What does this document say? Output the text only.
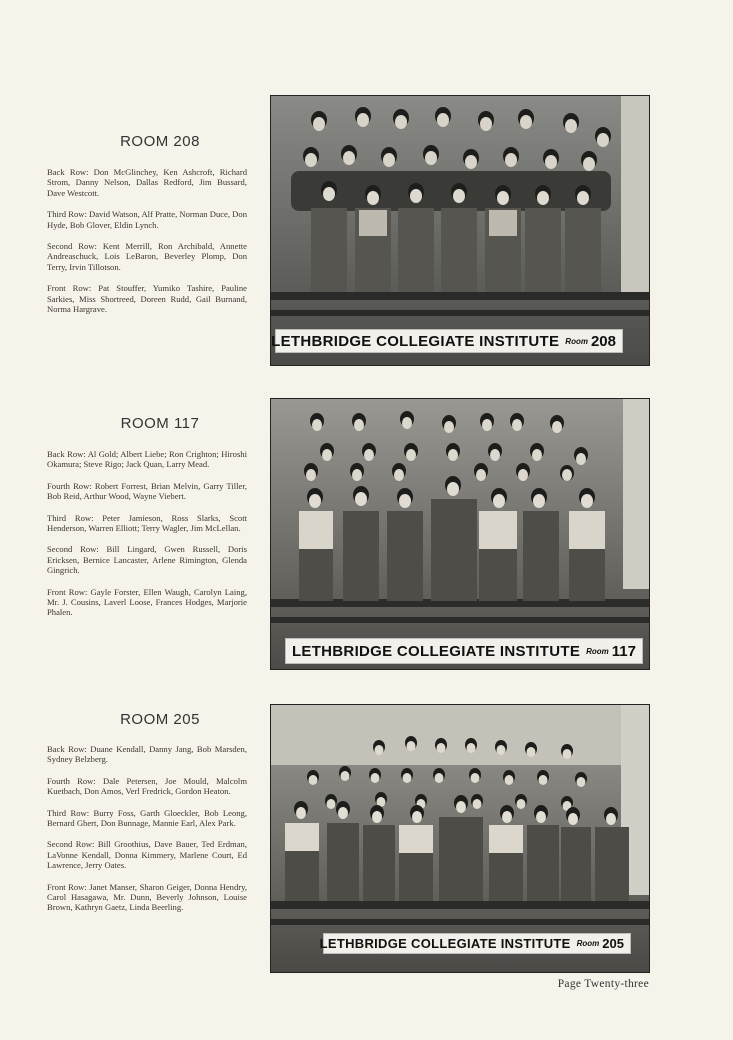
ROOM 208

Back Row: Don McGlinchey, Ken Ashcroft, Richard Strom, Danny Nelson, Dallas Redford, Jim Bussard, Dave Westcott.

Third Row: David Watson, Alf Pratte, Norman Duce, Don Hyde, Bob Glover, Eldin Lynch.

Second Row: Kent Merrill, Ron Archibald, Annette Andreaschuck, Lois LeBaron, Beverley Plomp, Don Terry, Irvin Tillotson.

Front Row: Pat Stouffer, Yumiko Tashire, Pauline Sarkies, Miss Shortreed, Doreen Rudd, Gail Burnand, Norma Hargrave.

LETHBRIDGE COLLEGIATE INSTITUTE Room 208
ROOM 117

Back Row: Al Gold; Albert Liebe; Ron Crighton; Hiroshi Okamura; Steve Rigo; Jack Quan, Larry Mead.

Fourth Row: Robert Forrest, Brian Melvin, Garry Tiller, Bob Reid, Arthur Wood, Wayne Viebert.

Third Row: Peter Jamieson, Ross Slarks, Scott Henderson, Warren Elliott; Terry Wagler, Jim McLellan.

Second Row: Bill Lingard, Gwen Russell, Doris Ericksen, Bernice Lancaster, Arlene Rimington, Glenda Gingrich.

Front Row: Gayle Forster, Ellen Waugh, Carolyn Laing, Mr. J. Cousins, Laverl Loose, Frances Hodges, Marjorie Phalen.

LETHBRIDGE COLLEGIATE INSTITUTE Room 117
ROOM 205

Back Row: Duane Kendall, Danny Jang, Bob Marsden, Sydney Belzberg.

Fourth Row: Dale Petersen, Joe Mould, Malcolm Kuetbach, Don Amos, Verl Fredrick, Gordon Heaton.

Third Row: Burry Foss, Garth Gloeckler, Bob Leong, Bernard Ghert, Don Bunnage, Mannie Earl, Alex Park.

Second Row: Bill Groothius, Dave Bauer, Ted Erdman, LaVonne Kendall, Donna Kimmery, Marlene Court, Ed Lawrence, Jerry Oates.

Front Row: Janet Manser, Sharon Geiger, Donna Hendry, Carol Hasagawa, Mr. Dunn, Beverly Johnson, Louise Brown, Kathryn Gaetz, Linda Beerling.

LETHBRIDGE COLLEGIATE INSTITUTE Room 205
Page Twenty-three
